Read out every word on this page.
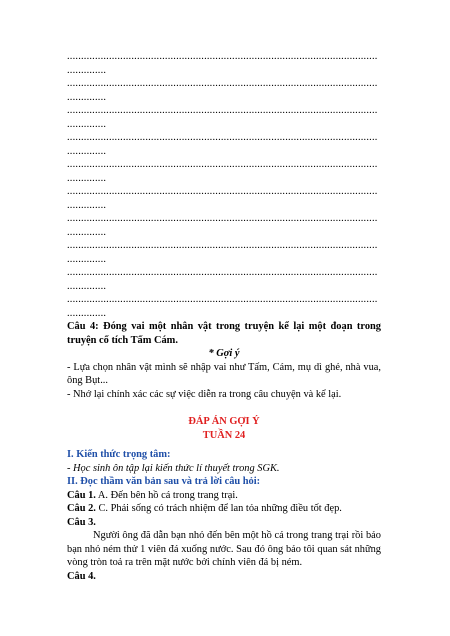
...............................................................................................................
..............
...............................................................................................................
..............
...............................................................................................................
..............
...............................................................................................................
..............
...............................................................................................................
..............
...............................................................................................................
..............
...............................................................................................................
..............
...............................................................................................................
..............
...............................................................................................................
..............
...............................................................................................................
..............

Câu 4: Đóng vai một nhân vật trong truyện kể lại một đoạn trong truyện cổ tích Tấm Cám.

* Gợi ý

- Lựa chọn nhân vật mình sẽ nhập vai như Tấm, Cám, mụ dì ghẻ, nhà vua, ông Bụt...

- Nhớ lại chính xác các sự việc diễn ra trong câu chuyện và kể lại.

ĐÁP ÁN GỢI Ý

TUẦN 24

I. Kiến thức trọng tâm:

- Học sinh ôn tập lại kiến thức lí thuyết trong SGK.

II. Đọc thầm văn bản sau và trả lời câu hỏi:

Câu 1. A. Đến bên hồ cá trong trang trại.

Câu 2. C. Phải sống có trách nhiệm để lan tỏa những điều tốt đẹp.

Câu 3.

Người ông đã dẫn bạn nhỏ đến bên một hồ cá trong trang trại rồi bảo bạn nhỏ ném thử 1 viên đá xuống nước. Sau đó ông bảo tôi quan sát những vòng tròn toả ra trên mặt nước bởi chính viên đá bị ném.

Câu 4.
